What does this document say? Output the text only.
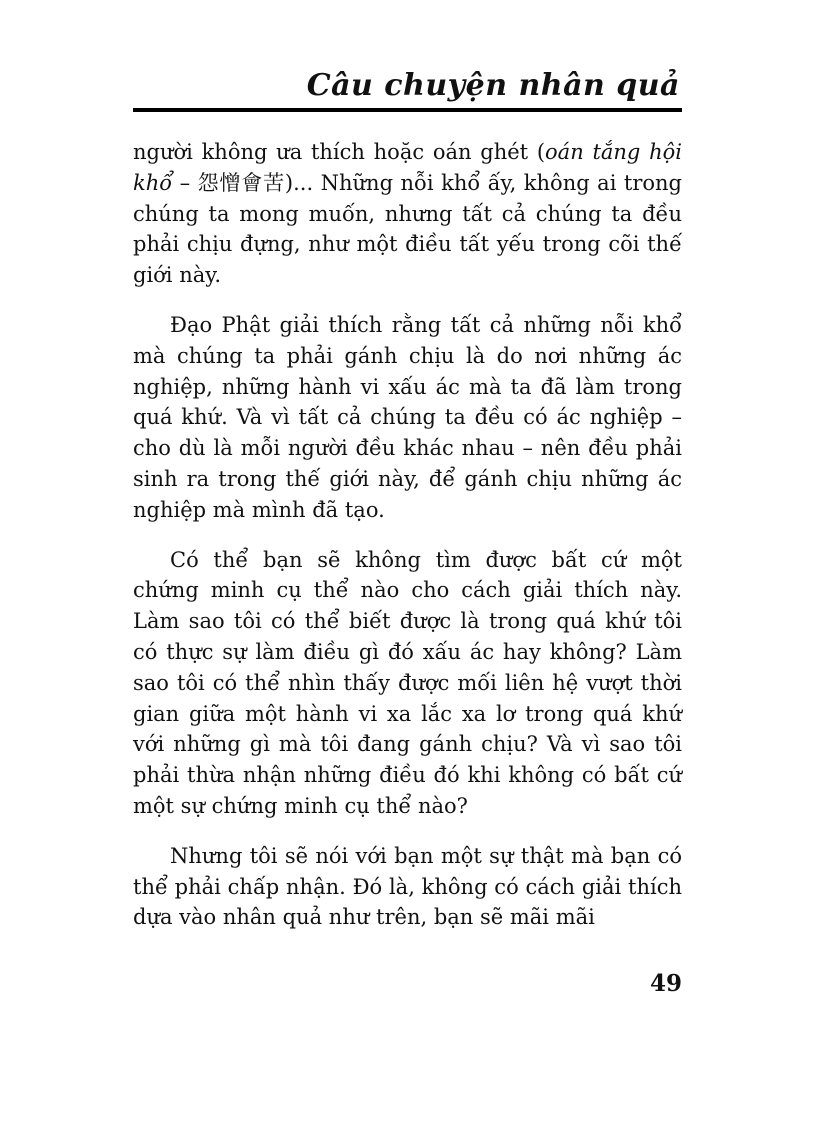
Câu chuyện nhân quả

người không ưa thích hoặc oán ghét (oán tắng hội khổ – 怨憎會苦)... Những nỗi khổ ấy, không ai trong chúng ta mong muốn, nhưng tất cả chúng ta đều phải chịu đựng, như một điều tất yếu trong cõi thế giới này.

Đạo Phật giải thích rằng tất cả những nỗi khổ mà chúng ta phải gánh chịu là do nơi những ác nghiệp, những hành vi xấu ác mà ta đã làm trong quá khứ. Và vì tất cả chúng ta đều có ác nghiệp – cho dù là mỗi người đều khác nhau – nên đều phải sinh ra trong thế giới này, để gánh chịu những ác nghiệp mà mình đã tạo.

Có thể bạn sẽ không tìm được bất cứ một chứng minh cụ thể nào cho cách giải thích này. Làm sao tôi có thể biết được là trong quá khứ tôi có thực sự làm điều gì đó xấu ác hay không? Làm sao tôi có thể nhìn thấy được mối liên hệ vượt thời gian giữa một hành vi xa lắc xa lơ trong quá khứ với những gì mà tôi đang gánh chịu? Và vì sao tôi phải thừa nhận những điều đó khi không có bất cứ một sự chứng minh cụ thể nào?

Nhưng tôi sẽ nói với bạn một sự thật mà bạn có thể phải chấp nhận. Đó là, không có cách giải thích dựa vào nhân quả như trên, bạn sẽ mãi mãi

49
